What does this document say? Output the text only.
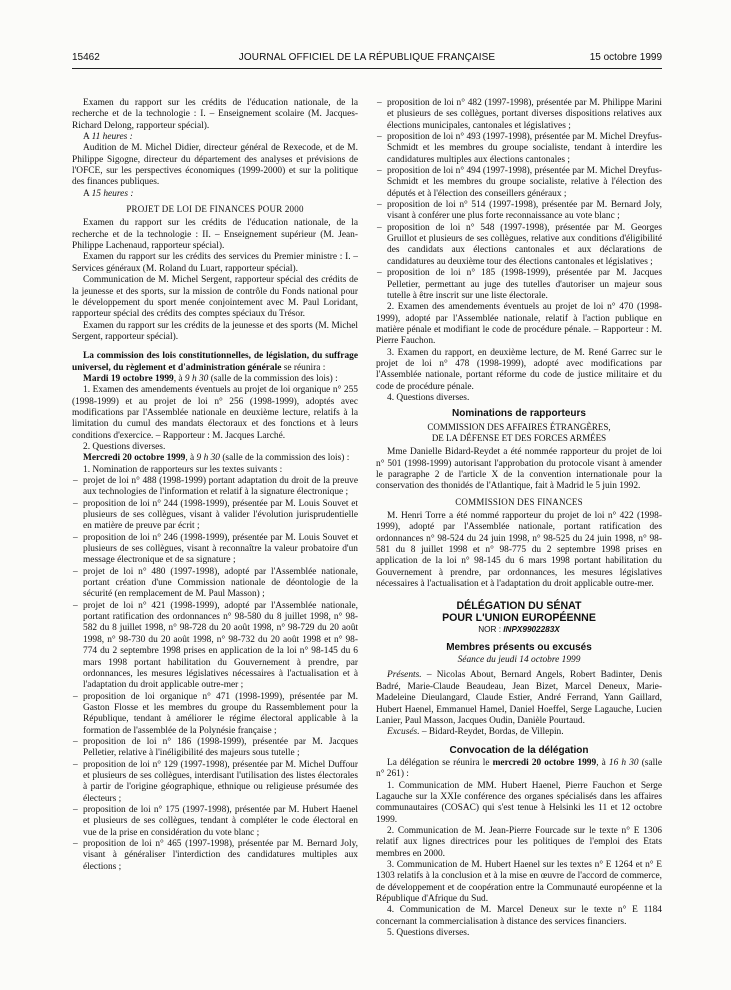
15462	JOURNAL OFFICIEL DE LA RÉPUBLIQUE FRANÇAISE	15 octobre 1999

Examen du rapport sur les crédits de l'éducation nationale, de la recherche et de la technologie : I. – Enseignement scolaire (M. Jacques-Richard Delong, rapporteur spécial).

A 11 heures :

Audition de M. Michel Didier, directeur général de Rexecode, et de M. Philippe Sigogne, directeur du département des analyses et prévisions de l'OFCE, sur les perspectives économiques (1999-2000) et sur la politique des finances publiques.

A 15 heures :

PROJET DE LOI DE FINANCES POUR 2000

Examen du rapport sur les crédits de l'éducation nationale, de la recherche et de la technologie : II. – Enseignement supérieur (M. Jean-Philippe Lachenaud, rapporteur spécial).

Examen du rapport sur les crédits des services du Premier ministre : I. – Services généraux (M. Roland du Luart, rapporteur spécial).

Communication de M. Michel Sergent, rapporteur spécial des crédits de la jeunesse et des sports, sur la mission de contrôle du Fonds national pour le développement du sport menée conjointement avec M. Paul Loridant, rapporteur spécial des crédits des comptes spéciaux du Trésor.

Examen du rapport sur les crédits de la jeunesse et des sports (M. Michel Sergent, rapporteur spécial).

La commission des lois constitutionnelles, de législation, du suffrage universel, du règlement et d'administration générale se réunira :

Mardi 19 octobre 1999, à 9 h 30 (salle de la commission des lois) :

1. Examen des amendements éventuels au projet de loi organique n° 255 (1998-1999) et au projet de loi n° 256 (1998-1999), adoptés avec modifications par l'Assemblée nationale en deuxième lecture, relatifs à la limitation du cumul des mandats électoraux et des fonctions et à leurs conditions d'exercice. – Rapporteur : M. Jacques Larché.

2. Questions diverses.

Mercredi 20 octobre 1999, à 9 h 30 (salle de la commission des lois) :

1. Nomination de rapporteurs sur les textes suivants :

– projet de loi n° 488 (1998-1999) portant adaptation du droit de la preuve aux technologies de l'information et relatif à la signature électronique ;
– proposition de loi n° 244 (1998-1999), présentée par M. Louis Souvet et plusieurs de ses collègues, visant à valider l'évolution jurisprudentielle en matière de preuve par écrit ;
– proposition de loi n° 246 (1998-1999), présentée par M. Louis Souvet et plusieurs de ses collègues, visant à reconnaître la valeur probatoire d'un message électronique et de sa signature ;
– projet de loi n° 480 (1997-1998), adopté par l'Assemblée nationale, portant création d'une Commission nationale de déontologie de la sécurité (en remplacement de M. Paul Masson) ;
– projet de loi n° 421 (1998-1999), adopté par l'Assemblée nationale, portant ratification des ordonnances n° 98-580 du 8 juillet 1998, n° 98-582 du 8 juillet 1998, n° 98-728 du 20 août 1998, n° 98-729 du 20 août 1998, n° 98-730 du 20 août 1998, n° 98-732 du 20 août 1998 et n° 98-774 du 2 septembre 1998 prises en application de la loi n° 98-145 du 6 mars 1998 portant habilitation du Gouvernement à prendre, par ordonnances, les mesures législatives nécessaires à l'actualisation et à l'adaptation du droit applicable outre-mer ;
– proposition de loi organique n° 471 (1998-1999), présentée par M. Gaston Flosse et les membres du groupe du Rassemblement pour la République, tendant à améliorer le régime électoral applicable à la formation de l'assemblée de la Polynésie française ;
– proposition de loi n° 186 (1998-1999), présentée par M. Jacques Pelletier, relative à l'inéligibilité des majeurs sous tutelle ;
– proposition de loi n° 129 (1997-1998), présentée par M. Michel Duffour et plusieurs de ses collègues, interdisant l'utilisation des listes électorales à partir de l'origine géographique, ethnique ou religieuse présumée des électeurs ;
– proposition de loi n° 175 (1997-1998), présentée par M. Hubert Haenel et plusieurs de ses collègues, tendant à compléter le code électoral en vue de la prise en considération du vote blanc ;
– proposition de loi n° 465 (1997-1998), présentée par M. Bernard Joly, visant à généraliser l'interdiction des candidatures multiples aux élections ;
– proposition de loi n° 482 (1997-1998), présentée par M. Philippe Marini et plusieurs de ses collègues, portant diverses dispositions relatives aux élections municipales, cantonales et législatives ;
– proposition de loi n° 493 (1997-1998), présentée par M. Michel Dreyfus-Schmidt et les membres du groupe socialiste, tendant à interdire les candidatures multiples aux élections cantonales ;
– proposition de loi n° 494 (1997-1998), présentée par M. Michel Dreyfus-Schmidt et les membres du groupe socialiste, relative à l'élection des députés et à l'élection des conseillers généraux ;
– proposition de loi n° 514 (1997-1998), présentée par M. Bernard Joly, visant à conférer une plus forte reconnaissance au vote blanc ;
– proposition de loi n° 548 (1997-1998), présentée par M. Georges Gruillot et plusieurs de ses collègues, relative aux conditions d'éligibilité des candidats aux élections cantonales et aux déclarations de candidatures au deuxième tour des élections cantonales et législatives ;
– proposition de loi n° 185 (1998-1999), présentée par M. Jacques Pelletier, permettant au juge des tutelles d'autoriser un majeur sous tutelle à être inscrit sur une liste électorale.

2. Examen des amendements éventuels au projet de loi n° 470 (1998-1999), adopté par l'Assemblée nationale, relatif à l'action publique en matière pénale et modifiant le code de procédure pénale. – Rapporteur : M. Pierre Fauchon.

3. Examen du rapport, en deuxième lecture, de M. René Garrec sur le projet de loi n° 478 (1998-1999), adopté avec modifications par l'Assemblée nationale, portant réforme du code de justice militaire et du code de procédure pénale.

4. Questions diverses.

Nominations de rapporteurs

COMMISSION DES AFFAIRES ÉTRANGÈRES,
DE LA DÉFENSE ET DES FORCES ARMÉES

Mme Danielle Bidard-Reydet a été nommée rapporteur du projet de loi n° 501 (1998-1999) autorisant l'approbation du protocole visant à amender le paragraphe 2 de l'article X de la convention internationale pour la conservation des thonidés de l'Atlantique, fait à Madrid le 5 juin 1992.

COMMISSION DES FINANCES

M. Henri Torre a été nommé rapporteur du projet de loi n° 422 (1998-1999), adopté par l'Assemblée nationale, portant ratification des ordonnances n° 98-524 du 24 juin 1998, n° 98-525 du 24 juin 1998, n° 98-581 du 8 juillet 1998 et n° 98-775 du 2 septembre 1998 prises en application de la loi n° 98-145 du 6 mars 1998 portant habilitation du Gouvernement à prendre, par ordonnances, les mesures législatives nécessaires à l'actualisation et à l'adaptation du droit applicable outre-mer.

DÉLÉGATION DU SÉNAT

POUR L'UNION EUROPÉENNE

NOR : INPX9902283X

Membres présents ou excusés

Séance du jeudi 14 octobre 1999

Présents. – Nicolas About, Bernard Angels, Robert Badinter, Denis Badré, Marie-Claude Beaudeau, Jean Bizet, Marcel Deneux, Marie-Madeleine Dieulangard, Claude Estier, André Ferrand, Yann Gaillard, Hubert Haenel, Emmanuel Hamel, Daniel Hoeffel, Serge Lagauche, Lucien Lanier, Paul Masson, Jacques Oudin, Danièle Pourtaud.

Excusés. – Bidard-Reydet, Bordas, de Villepin.

Convocation de la délégation

La délégation se réunira le mercredi 20 octobre 1999, à 16 h 30 (salle n° 261) :

1. Communication de MM. Hubert Haenel, Pierre Fauchon et Serge Lagauche sur la XXIe conférence des organes spécialisés dans les affaires communautaires (COSAC) qui s'est tenue à Helsinki les 11 et 12 octobre 1999.

2. Communication de M. Jean-Pierre Fourcade sur le texte n° E 1306 relatif aux lignes directrices pour les politiques de l'emploi des Etats membres en 2000.

3. Communication de M. Hubert Haenel sur les textes n° E 1264 et n° E 1303 relatifs à la conclusion et à la mise en œuvre de l'accord de commerce, de développement et de coopération entre la Communauté européenne et la République d'Afrique du Sud.

4. Communication de M. Marcel Deneux sur le texte n° E 1184 concernant la commercialisation à distance des services financiers.

5. Questions diverses.
